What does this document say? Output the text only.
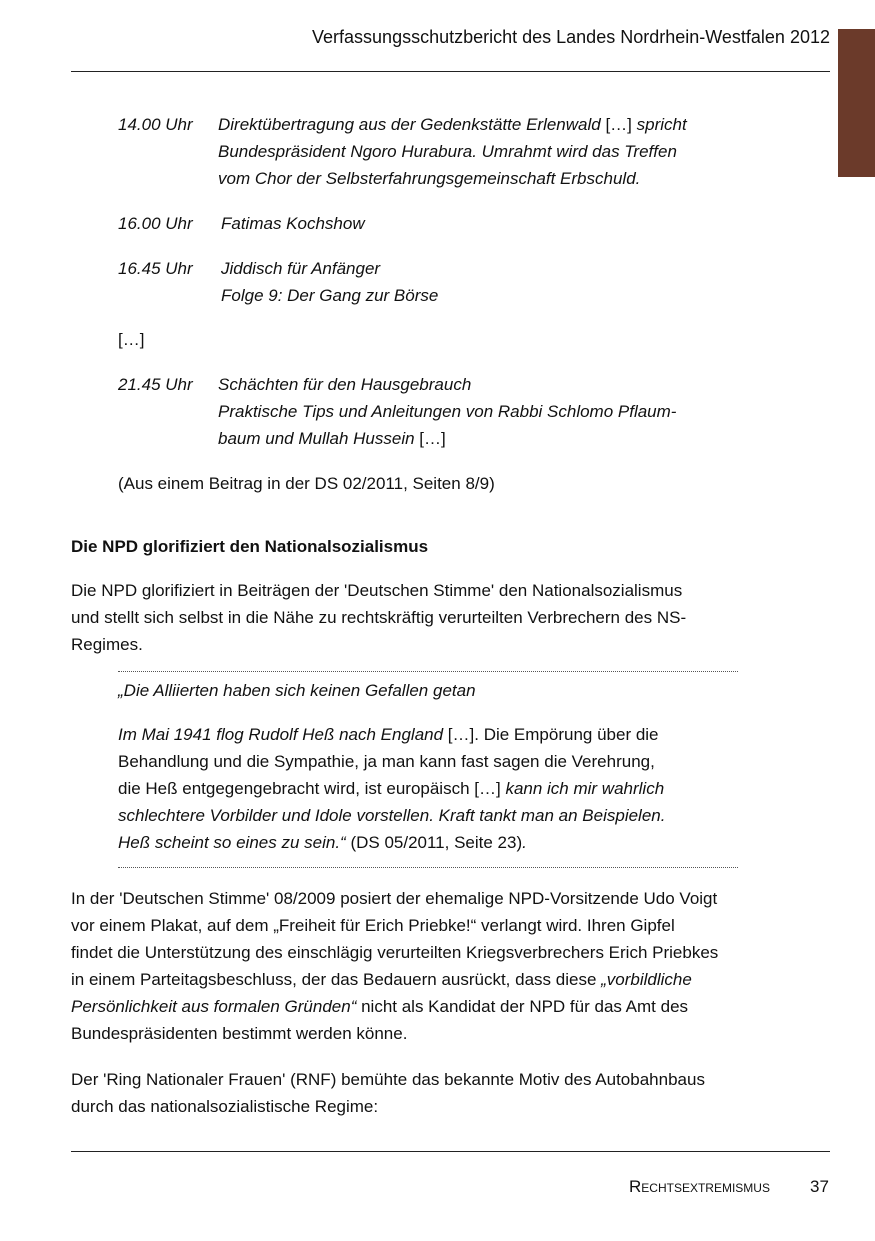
Verfassungsschutzbericht des Landes Nordrhein-Westfalen 2012
14.00 Uhr Direktübertragung aus der Gedenkstätte Erlenwald […] spricht
Bundespräsident Ngoro Hurabura. Umrahmt wird das Treffen
vom Chor der Selbsterfahrungsgemeinschaft Erbschuld.
16.00 Uhr Fatimas Kochshow
16.45 Uhr Jiddisch für Anfänger
Folge 9: Der Gang zur Börse
[…]
21.45 Uhr Schächten für den Hausgebrauch
Praktische Tips und Anleitungen von Rabbi Schlomo Pflaum-
baum und Mullah Hussein […]
(Aus einem Beitrag in der DS 02/2011, Seiten 8/9)
Die NPD glorifiziert den Nationalsozialismus
Die NPD glorifiziert in Beiträgen der 'Deutschen Stimme' den Nationalsozialismus
und stellt sich selbst in die Nähe zu rechtskräftig verurteilten Verbrechern des NS-
Regimes.
„Die Alliierten haben sich keinen Gefallen getan
Im Mai 1941 flog Rudolf Heß nach England […]. Die Empörung über die
Behandlung und die Sympathie, ja man kann fast sagen die Verehrung,
die Heß entgegengebracht wird, ist europäisch […] kann ich mir wahrlich
schlechtere Vorbilder und Idole vorstellen. Kraft tankt man an Beispielen.
Heß scheint so eines zu sein.“ (DS 05/2011, Seite 23).
In der 'Deutschen Stimme' 08/2009 posiert der ehemalige NPD-Vorsitzende Udo Voigt
vor einem Plakat, auf dem „Freiheit für Erich Priebke!“ verlangt wird. Ihren Gipfel
findet die Unterstützung des einschlägig verurteilten Kriegsverbrechers Erich Priebkes
in einem Parteitagsbeschluss, der das Bedauern ausrückt, dass diese „vorbildliche
Persönlichkeit aus formalen Gründen“ nicht als Kandidat der NPD für das Amt des
Bundespräsidenten bestimmt werden könne.
Der 'Ring Nationaler Frauen' (RNF) bemühte das bekannte Motiv des Autobahnbaus
durch das nationalsozialistische Regime:
Rechtsextremismus 37
